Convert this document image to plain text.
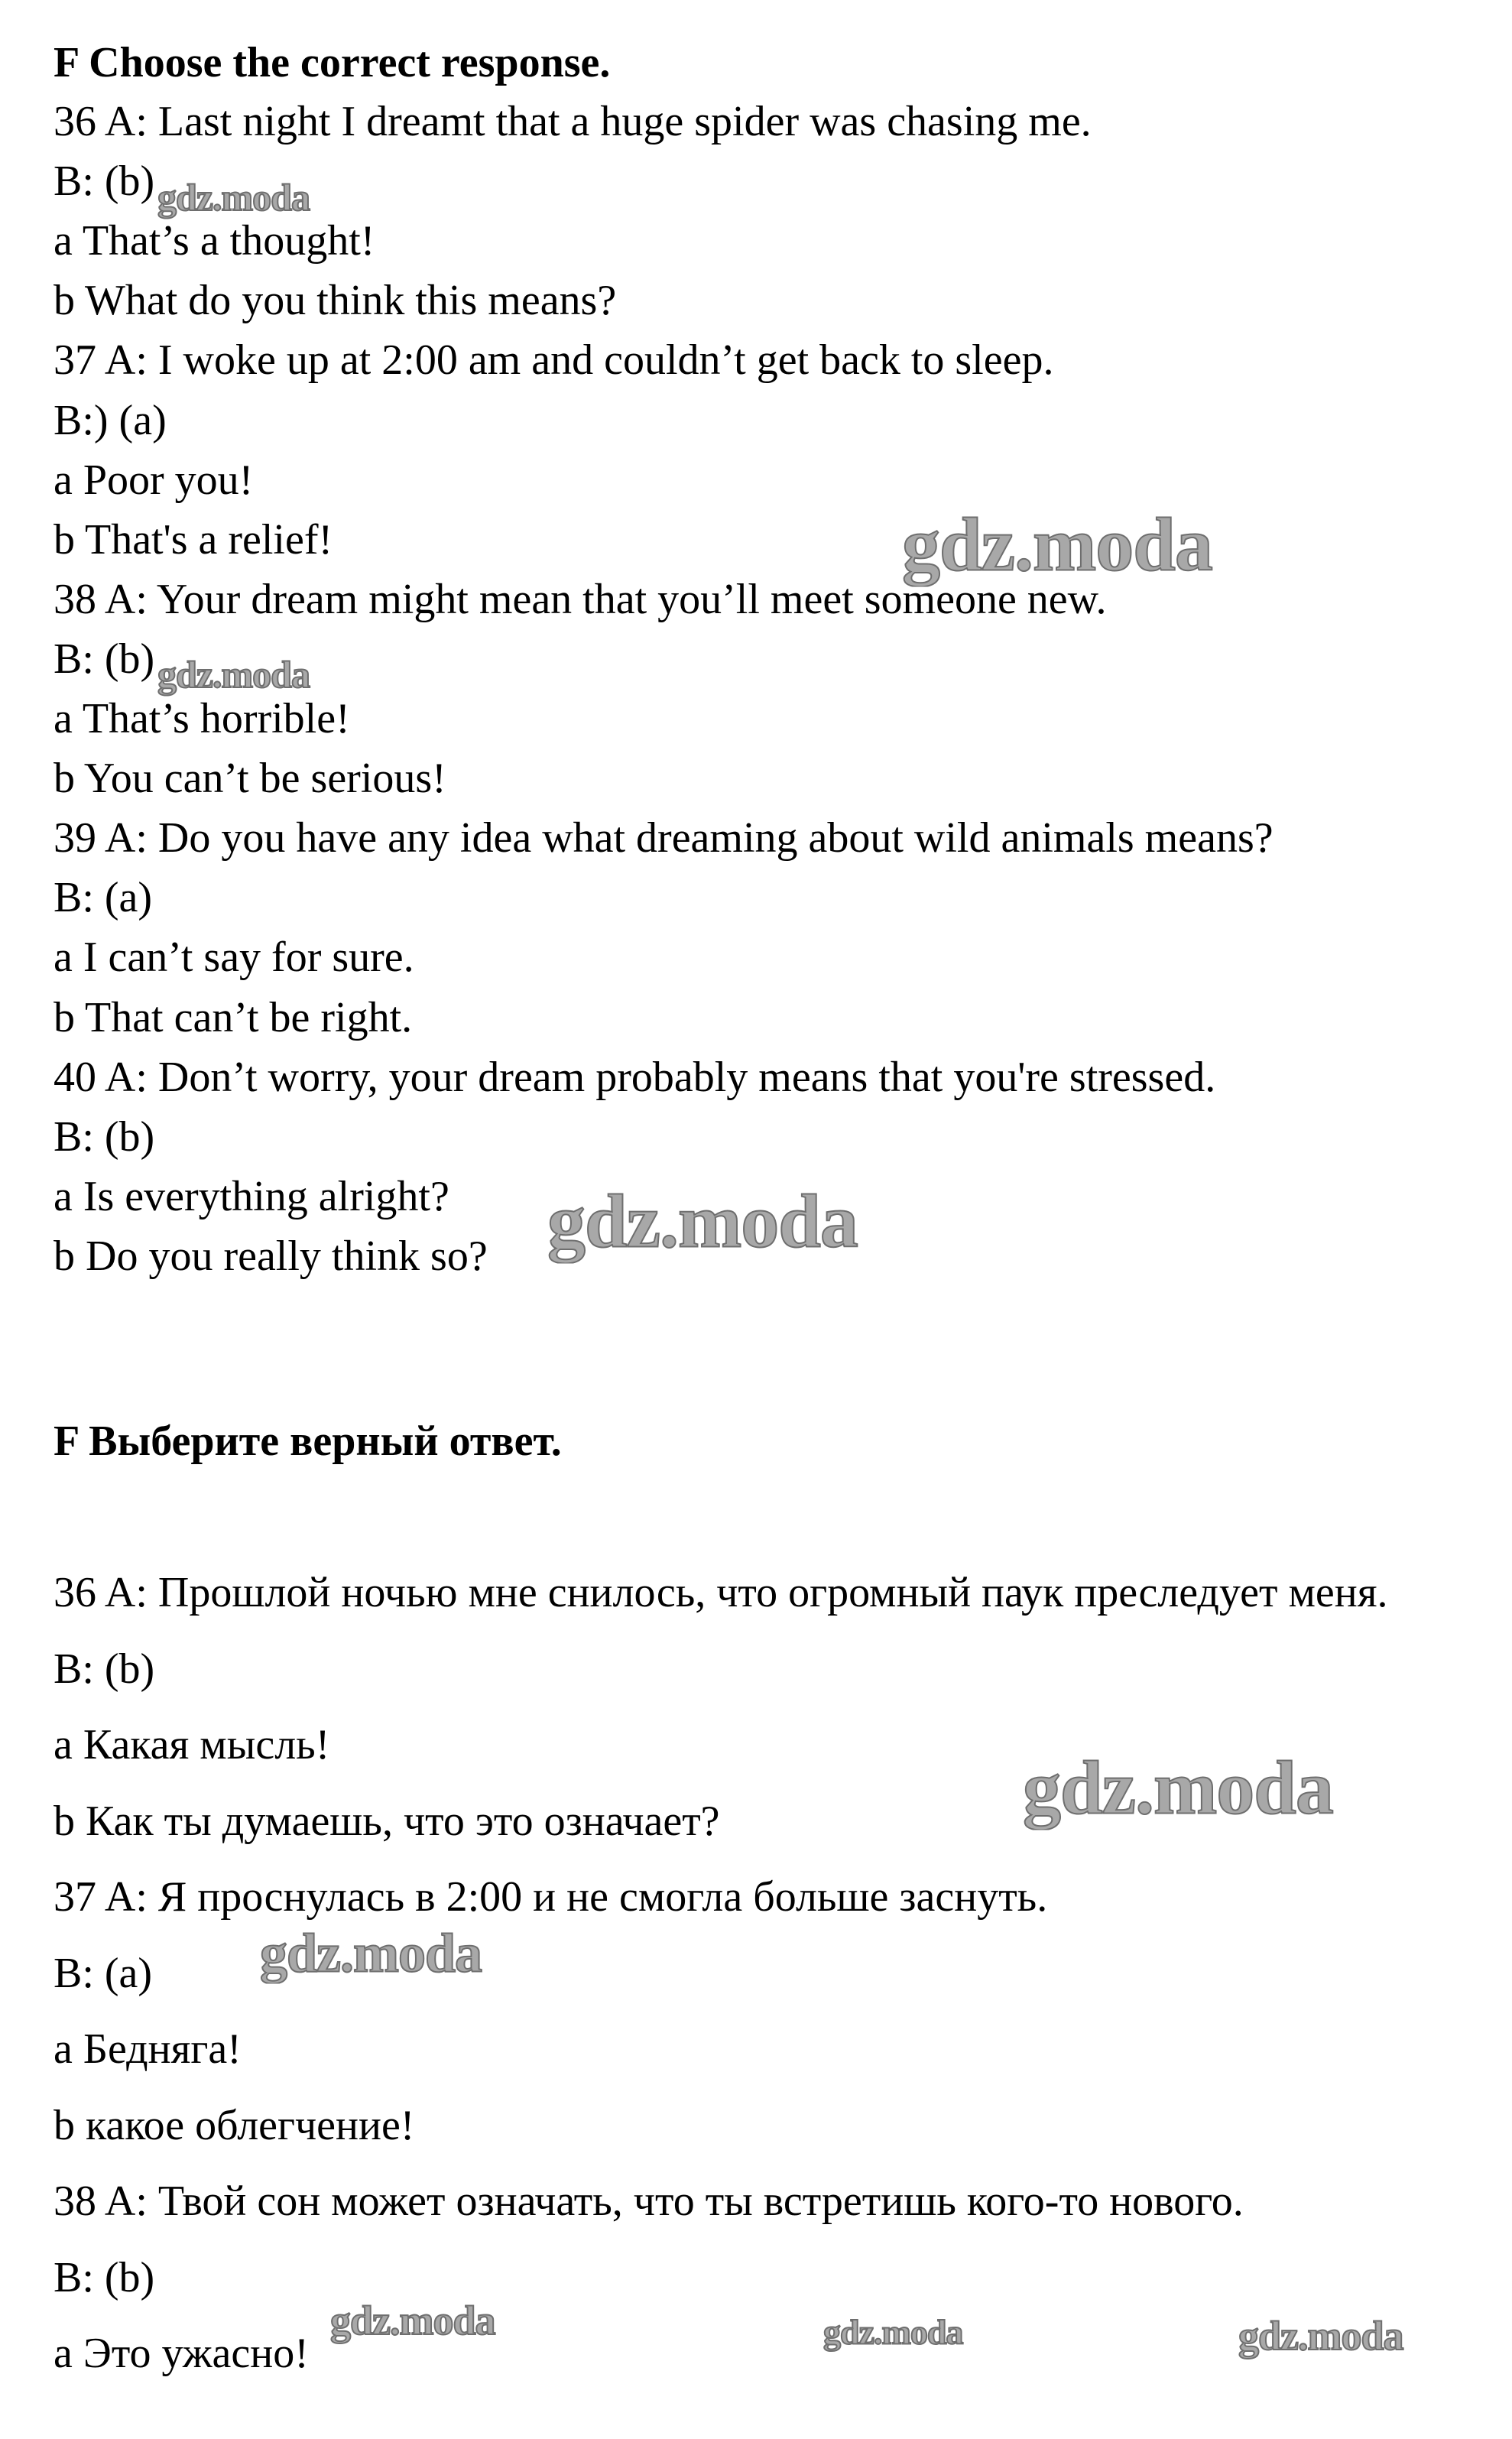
F Choose the correct response.
36 A: Last night I dreamt that a huge spider was chasing me.
B: (b)
a That’s a thought!
b What do you think this means?
37 A: I woke up at 2:00 am and couldn’t get back to sleep.
B:) (a)
a Poor you!
b That's a relief!
38 A: Your dream might mean that you’ll meet someone new.
B: (b)
a That’s horrible!
b You can’t be serious!
39 A: Do you have any idea what dreaming about wild animals means?
B: (a)
a I can’t say for sure.
b That can’t be right.
40 A: Don’t worry, your dream probably means that you're stressed.
B: (b)
a Is everything alright?
b Do you really think so?
F Выберите верный ответ.
36 A: Прошлой ночью мне снилось, что огромный паук преследует меня.
B: (b)
a Какая мысль!
b Как ты думаешь, что это означает?
37 A: Я проснулась в 2:00 и не смогла больше заснуть.
B: (a)
a Бедняга!
b какое облегчение!
38 A: Твой сон может означать, что ты встретишь кого-то нового.
B: (b)
a Это ужасно!
gdz.moda
gdz.moda
gdz.moda
gdz.moda
gdz.moda
gdz.moda
gdz.moda	gdz.moda	gdz.moda
